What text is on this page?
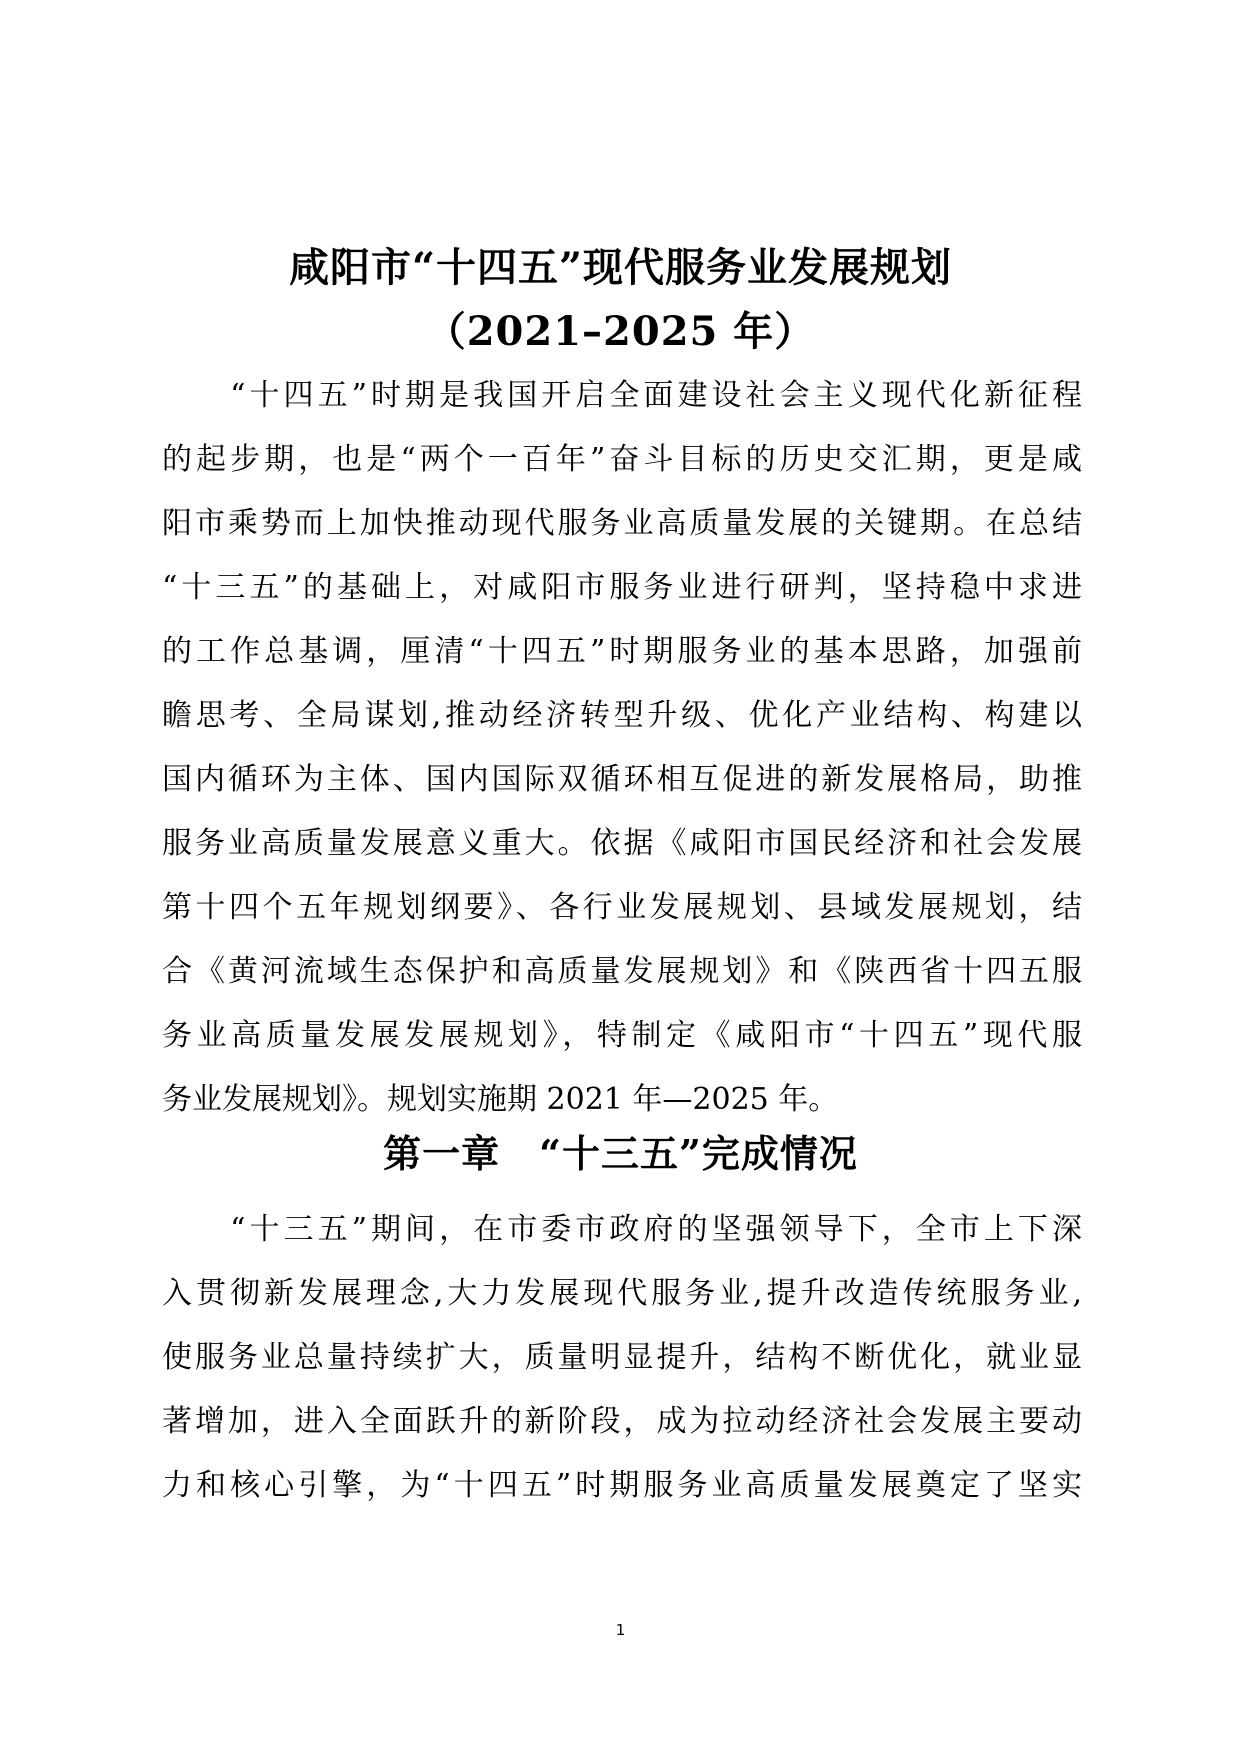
咸阳市“十四五”现代服务业发展规划
（2021–2025 年）
　　“十四五”时期是我国开启全面建设社会主义现代化新征程
的起步期，也是“两个一百年”奋斗目标的历史交汇期，更是咸
阳市乘势而上加快推动现代服务业高质量发展的关键期。在总结
“十三五”的基础上，对咸阳市服务业进行研判，坚持稳中求进
的工作总基调，厘清“十四五”时期服务业的基本思路，加强前
瞻思考、全局谋划,推动经济转型升级、优化产业结构、构建以
国内循环为主体、国内国际双循环相互促进的新发展格局，助推
服务业高质量发展意义重大。依据《咸阳市国民经济和社会发展
第十四个五年规划纲要》、各行业发展规划、县域发展规划，结
合《黄河流域生态保护和高质量发展规划》和《陕西省十四五服
务业高质量发展发展规划》，特制定《咸阳市“十四五”现代服
务业发展规划》。规划实施期 2021 年—2025 年。
第一章　“十三五”完成情况
　　“十三五”期间，在市委市政府的坚强领导下，全市上下深
入贯彻新发展理念,大力发展现代服务业,提升改造传统服务业,
使服务业总量持续扩大，质量明显提升，结构不断优化，就业显
著增加，进入全面跃升的新阶段，成为拉动经济社会发展主要动
力和核心引擎，为“十四五”时期服务业高质量发展奠定了坚实
1
